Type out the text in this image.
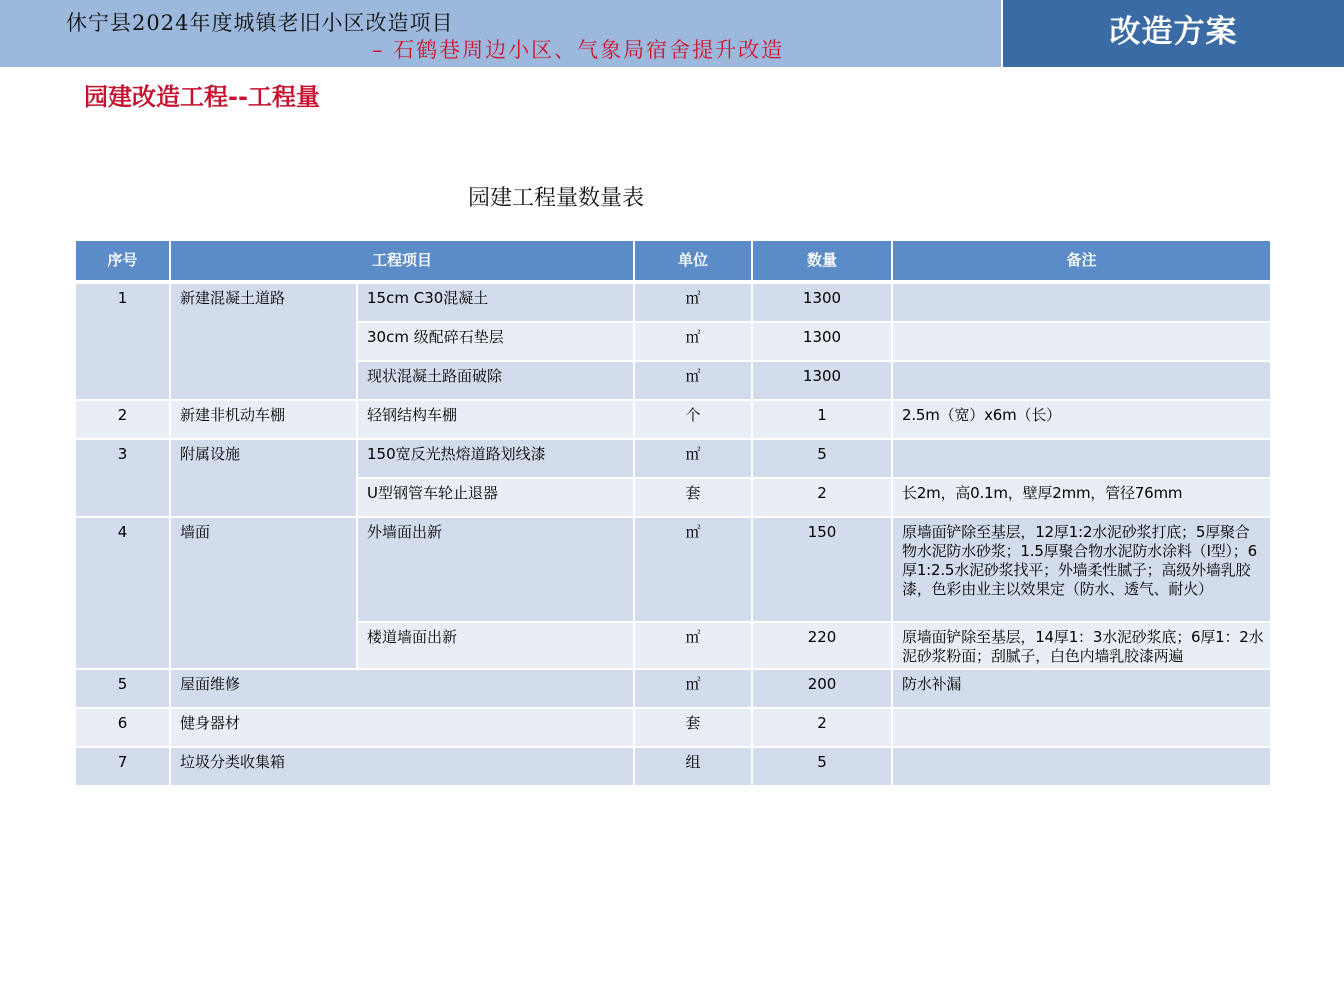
休宁县2024年度城镇老旧小区改造项目
– 石鹤巷周边小区、气象局宿舍提升改造	改造方案
园建改造工程--工程量
园建工程量数量表
序号	工程项目		单位	数量	备注
1	新建混凝土道路	15cm C30混凝土	㎡	1300	
		30cm 级配碎石垫层	㎡	1300	
		现状混凝土路面破除	㎡	1300	
2	新建非机动车棚	轻钢结构车棚	个	1	2.5m（宽）x6m（长）
3	附属设施	150宽反光热熔道路划线漆	㎡	5	
		U型钢管车轮止退器	套	2	长2m，高0.1m，壁厚2mm，管径76mm
4	墙面	外墙面出新	㎡	150	原墙面铲除至基层，12厚1:2水泥砂浆打底；5厚聚合物水泥防水砂浆；1.5厚聚合物水泥防水涂料（Ⅰ型）；6厚1:2.5水泥砂浆找平；外墙柔性腻子；高级外墙乳胶漆，色彩由业主以效果定（防水、透气、耐火）
		楼道墙面出新	㎡	220	原墙面铲除至基层，14厚1：3水泥砂浆底；6厚1：2水泥砂浆粉面；刮腻子，白色内墙乳胶漆两遍
5	屋面维修		㎡	200	防水补漏
6	健身器材		套	2	
7	垃圾分类收集箱		组	5	
